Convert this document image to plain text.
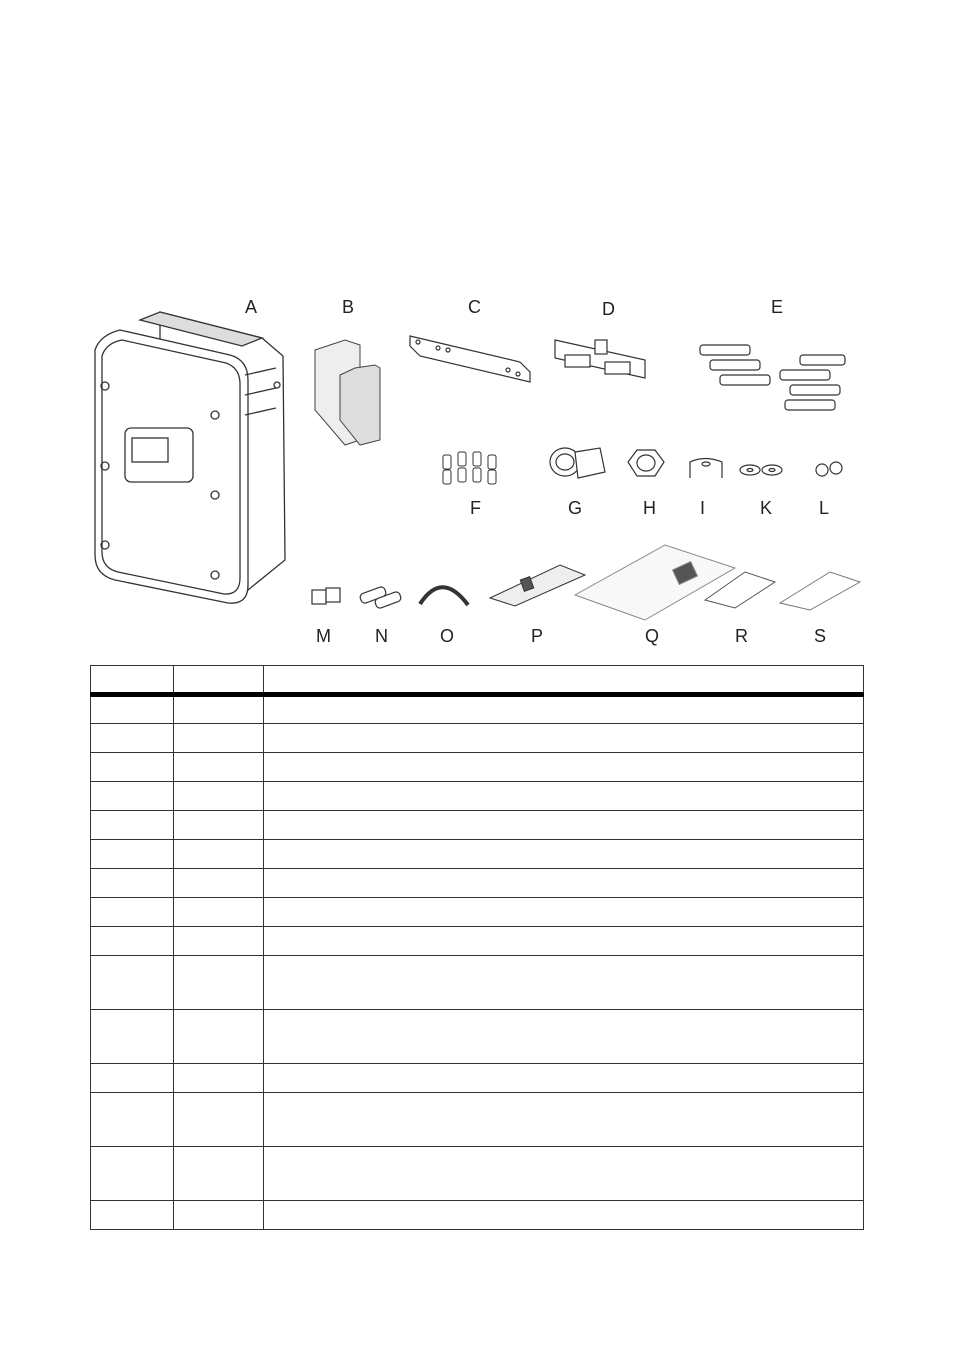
A	B	C	D	E
F	G	H I	K	L
M N	O	P	Q	R	S
